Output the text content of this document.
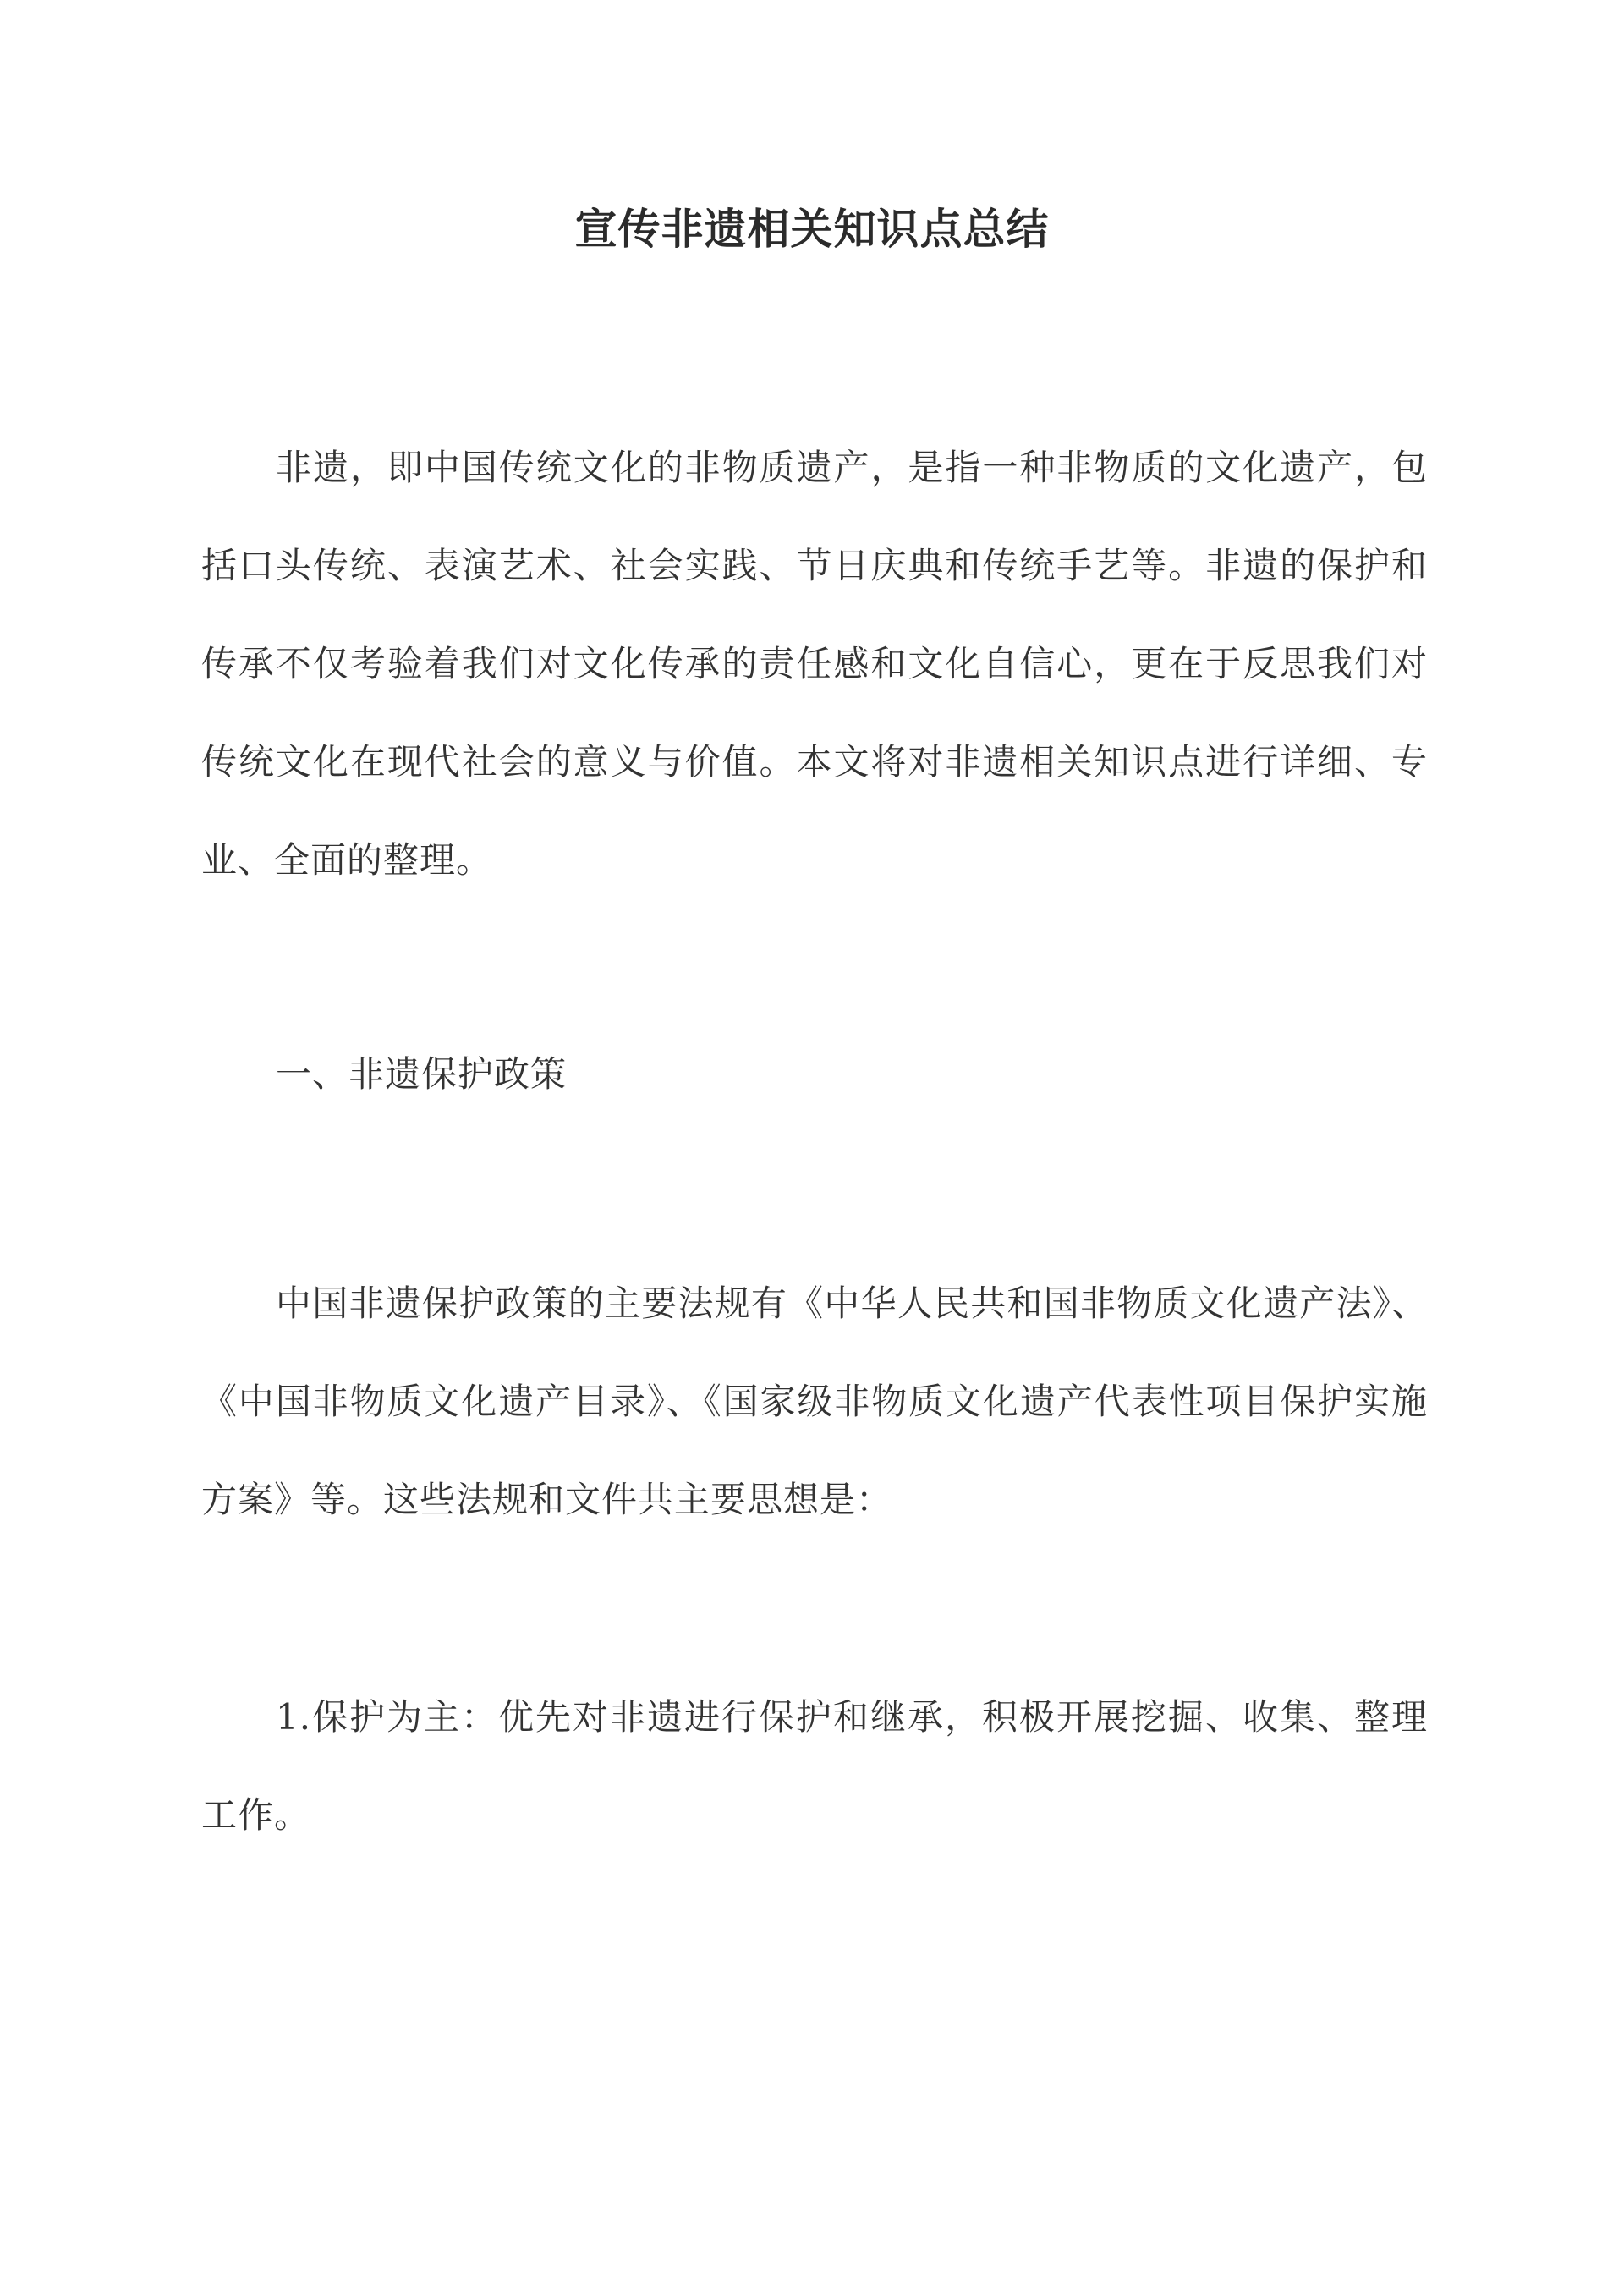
宣传非遗相关知识点总结

非遗，即中国传统文化的非物质遗产，是指一种非物质的文化遗产，包括口头传统、表演艺术、社会实践、节日庆典和传统手艺等。非遗的保护和传承不仅考验着我们对文化传承的责任感和文化自信心，更在于反思我们对传统文化在现代社会的意义与价值。本文将对非遗相关知识点进行详细、专业、全面的整理。

一、非遗保护政策

中国非遗保护政策的主要法规有《中华人民共和国非物质文化遗产法》、《中国非物质文化遗产目录》、《国家级非物质文化遗产代表性项目保护实施方案》等。这些法规和文件共主要思想是：

1.保护为主：优先对非遗进行保护和继承，积极开展挖掘、收集、整理工作。
